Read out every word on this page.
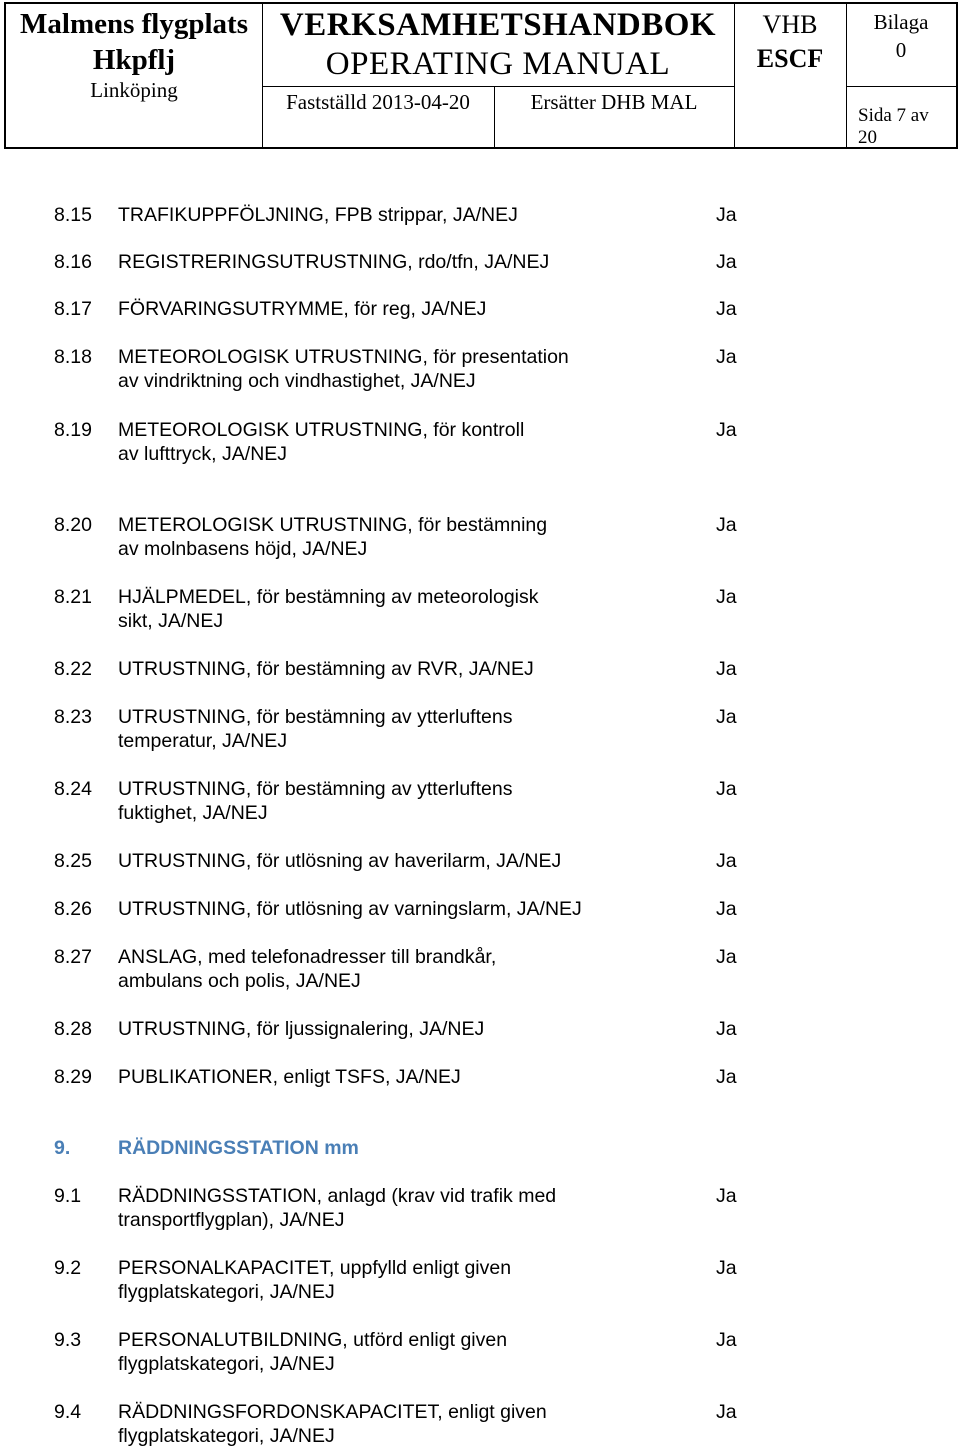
Malmens flygplats
Hkpflj
Linköping
VERKSAMHETSHANDBOK
OPERATING MANUAL
Fastställd 2013-04-20	Ersätter DHB MAL
VHB
ESCF
Bilaga
0
Sida 7 av
20
8.15 TRAFIKUPPFÖLJNING, FPB strippar, JA/NEJ	Ja
8.16 REGISTRERINGSUTRUSTNING, rdo/tfn, JA/NEJ	Ja
8.17 FÖRVARINGSUTRYMME, för reg, JA/NEJ	Ja
8.18 METEOROLOGISK UTRUSTNING, för presentation
av vindriktning och vindhastighet, JA/NEJ
Ja
8.19 METEOROLOGISK UTRUSTNING, för kontroll
av lufttryck, JA/NEJ
Ja
8.20 METEROLOGISK UTRUSTNING, för bestämning
av molnbasens höjd, JA/NEJ
Ja
8.21 HJÄLPMEDEL, för bestämning av meteorologisk
sikt, JA/NEJ
Ja
8.22 UTRUSTNING, för bestämning av RVR, JA/NEJ	Ja
8.23 UTRUSTNING, för bestämning av ytterluftens
temperatur, JA/NEJ
Ja
8.24 UTRUSTNING, för bestämning av ytterluftens
fuktighet, JA/NEJ
Ja
8.25 UTRUSTNING, för utlösning av haverilarm, JA/NEJ	Ja
8.26 UTRUSTNING, för utlösning av varningslarm, JA/NEJ	Ja
8.27 ANSLAG, med telefonadresser till brandkår,
ambulans och polis, JA/NEJ
Ja
8.28 UTRUSTNING, för ljussignalering, JA/NEJ	Ja
8.29 PUBLIKATIONER, enligt TSFS, JA/NEJ	Ja
9. RÄDDNINGSSTATION mm
9.1 RÄDDNINGSSTATION, anlagd (krav vid trafik med
transportflygplan), JA/NEJ
Ja
9.2 PERSONALKAPACITET, uppfylld enligt given
flygplatskategori, JA/NEJ
Ja
9.3 PERSONALUTBILDNING, utförd enligt given
flygplatskategori, JA/NEJ
Ja
9.4 RÄDDNINGSFORDONSKAPACITET, enligt given
flygplatskategori, JA/NEJ
Ja
